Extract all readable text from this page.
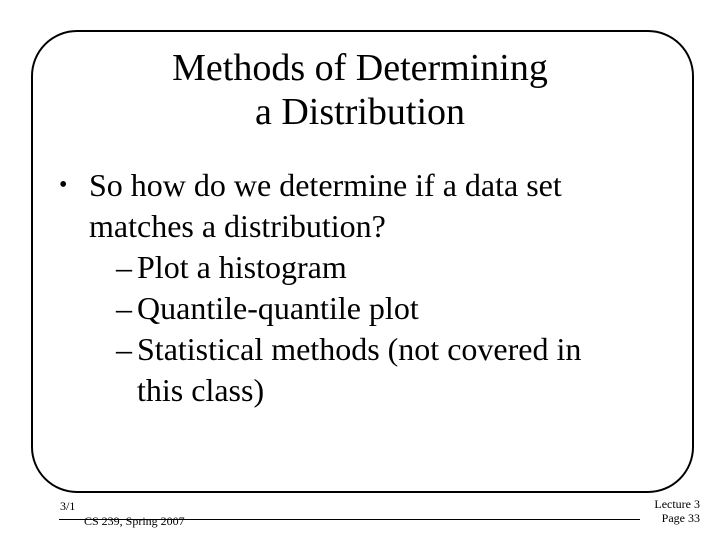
Methods of Determining
a Distribution
• So how do we determine if a data set
matches a distribution?
– Plot a histogram
– Quantile-quantile plot
– Statistical methods (not covered in
this class)
3/1
CS 239, Spring 2007
Lecture 3
Page 33
